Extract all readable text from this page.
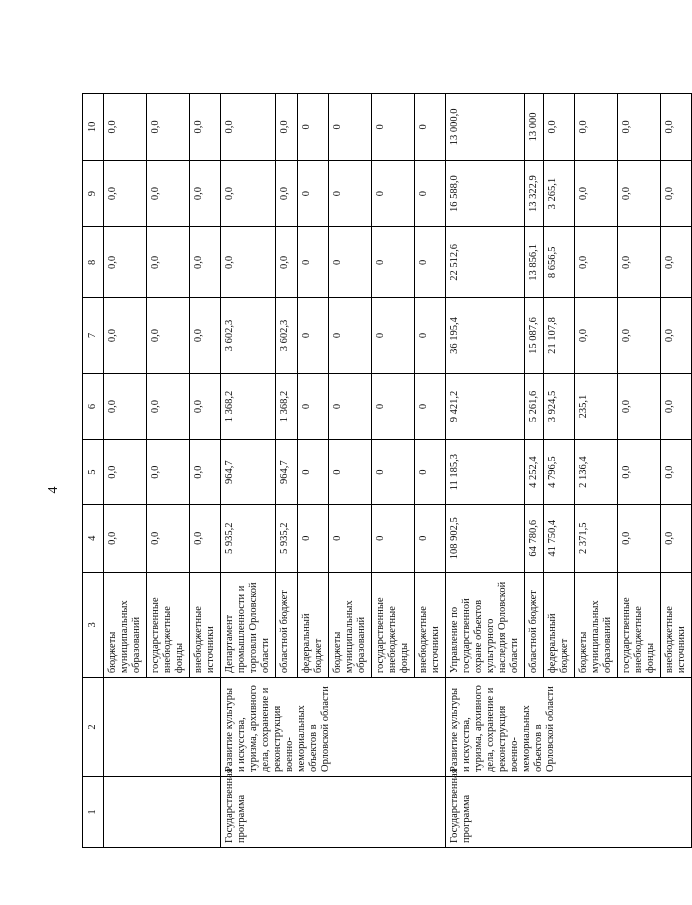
4
1	2	3	4	5	6	7	8	9	10
		бюджеты муниципальных образований	0,0	0,0	0,0	0,0	0,0	0,0	0,0
		государственные внебюджетные фонды	0,0	0,0	0,0	0,0	0,0	0,0	0,0
		внебюджетные источники	0,0	0,0	0,0	0,0	0,0	0,0	0,0
Государственная программа	Развитие культуры и искусства, туризма, архивного дела, сохранение и реконструкция военно-мемориальных объектов в Орловской области	Департамент промышленности и торговли Орловской области	5 935,2	964,7	1 368,2	3 602,3	0,0	0,0	0,0
		областной бюджет	5 935,2	964,7	1 368,2	3 602,3	0,0	0,0	0,0
		федеральный бюджет	0	0	0	0	0	0	0
		бюджеты муниципальных образований	0	0	0	0	0	0	0
		государственные внебюджетные фонды	0	0	0	0	0	0	0
		внебюджетные источники	0	0	0	0	0	0	0
Государственная программа	Развитие культуры и искусства, туризма, архивного дела, сохранение и реконструкция военно-мемориальных объектов в Орловской области	Управление по государственной охране объектов культурного наследия Орловской области	108 902,5	11 185,3	9 421,2	36 195,4	22 512,6	16 588,0	13 000,0
		областной бюджет	64 780,6	4 252,4	5 261,6	15 087,6	13 856,1	13 322,9	13 000
		федеральный бюджет	41 750,4	4 796,5	3 924,5	21 107,8	8 656,5	3 265,1	0,0
		бюджеты муниципальных образований	2 371,5	2 136,4	235,1	0,0	0,0	0,0	0,0
		государственные внебюджетные фонды	0,0	0,0	0,0	0,0	0,0	0,0	0,0
		внебюджетные источники	0,0	0,0	0,0	0,0	0,0	0,0	0,0
